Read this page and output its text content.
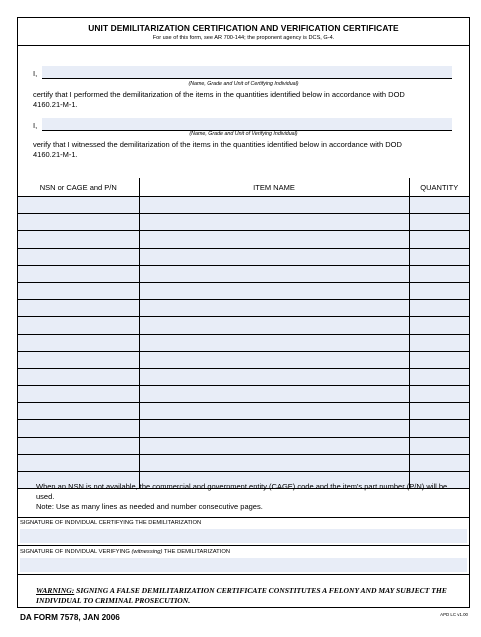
UNIT DEMILITARIZATION CERTIFICATION AND VERIFICATION CERTIFICATE
For use of this form, see AR 700-144; the proponent agency is DCS, G-4.
I,
(Name, Grade and Unit of Certifying Individual)
certify that I performed the demilitarization of the items in the quantities identified below in accordance with DOD 4160.21-M-1.
I,
(Name, Grade and Unit of Verifying Individual)
verify that I witnessed the demilitarization of the items in the quantities identified below in accordance with DOD 4160.21-M-1.
NSN or CAGE and P/N	ITEM NAME	QUANTITY

When an NSN is not available, the commercial and government entity (CAGE) code and the item's part number (P/N) will be used.
Note: Use as many lines as needed and number consecutive pages.
SIGNATURE OF INDIVIDUAL CERTIFYING THE DEMILITARIZATION
SIGNATURE OF INDIVIDUAL VERIFYING (witnessing) THE DEMILITARIZATION
WARNING: SIGNING A FALSE DEMILITARIZATION CERTIFICATE CONSTITUTES A FELONY AND MAY SUBJECT THE INDIVIDUAL TO CRIMINAL PROSECUTION.
DA FORM 7578, JAN 2006	APD LC v1.00
